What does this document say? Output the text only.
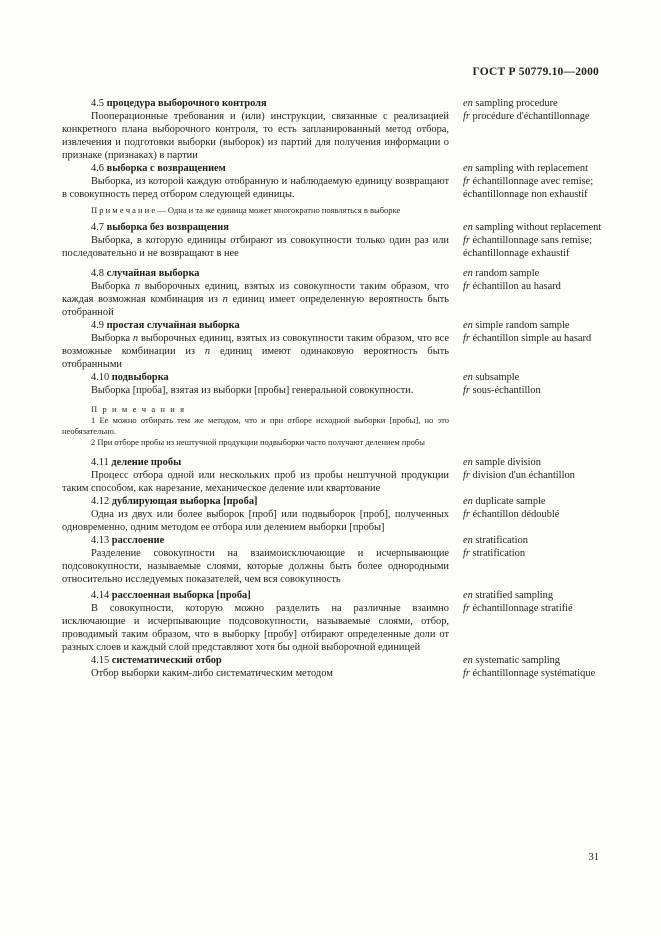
ГОСТ Р 50779.10—2000
4.5 процедура выборочного контроля
Пооперационные требования и (или) инструкции, связанные с реализацией конкретного плана выборочного контроля, то есть запланированный метод отбора, извлечения и подготовки выборки (выборок) из партий для получения информации о признаке (признаках) в партии
en sampling procedure
fr procédure d'échantillonnage
4.6 выборка с возвращением
Выборка, из которой каждую отобранную и наблюдаемую единицу возвращают в совокупность перед отбором следующей единицы.
П р и м е ч а н и е — Одна и та же единица может многократно появляться в выборке
en sampling with replacement
fr échantillonnage avec remise; échantillonnage non exhaustif
4.7 выборка без возвращения
Выборка, в которую единицы отбирают из совокупности только один раз или последовательно и не возвращают в нее
en sampling without replacement
fr échantillonnage sans remise; échantillonnage exhaustif
4.8 случайная выборка
Выборка n выборочных единиц, взятых из совокупности таким образом, что каждая возможная комбинация из n единиц имеет определенную вероятность быть отобранной
en random sample
fr échantillon au hasard
4.9 простая случайная выборка
Выборка n выборочных единиц, взятых из совокупности таким образом, что все возможные комбинации из n единиц имеют одинаковую вероятность быть отобранными
en simple random sample
fr échantillon simple au hasard
4.10 подвыборка
Выборка [проба], взятая из выборки [пробы] генеральной совокупности.
П р и м е ч а н и я
1 Ее можно отбирать тем же методом, что и при отборе исходной выборки [пробы], но это необязательно.
2 При отборе пробы из нештучной продукции подвыборки часто получают делением пробы
en subsample
fr sous-échantillon
4.11 деление пробы
Процесс отбора одной или нескольких проб из пробы нештучной продукции таким способом, как нарезание, механическое деление или квартование
en sample division
fr division d'un échantillon
4.12 дублирующая выборка [проба]
Одна из двух или более выборок [проб] или подвыборок [проб], полученных одновременно, одним методом ее отбора или делением выборки [пробы]
en duplicate sample
fr échantillon dédoublé
4.13 расслоение
Разделение совокупности на взаимоисключающие и исчерпывающие подсовокупности, называемые слоями, которые должны быть более однородными относительно исследуемых показателей, чем вся совокупность
en stratification
fr stratification
4.14 расслоенная выборка [проба]
В совокупности, которую можно разделить на различные взаимно исключающие и исчерпывающие подсовокупности, называемые слоями, отбор, проводимый таким образом, что в выборку [пробу] отбирают определенные доли от разных слоев и каждый слой представляют хотя бы одной выборочной единицей
en stratified sampling
fr échantillonnage stratifié
4.15 систематический отбор
Отбор выборки каким-либо систематическим методом
en systematic sampling
fr échantillonnage systématique
31
